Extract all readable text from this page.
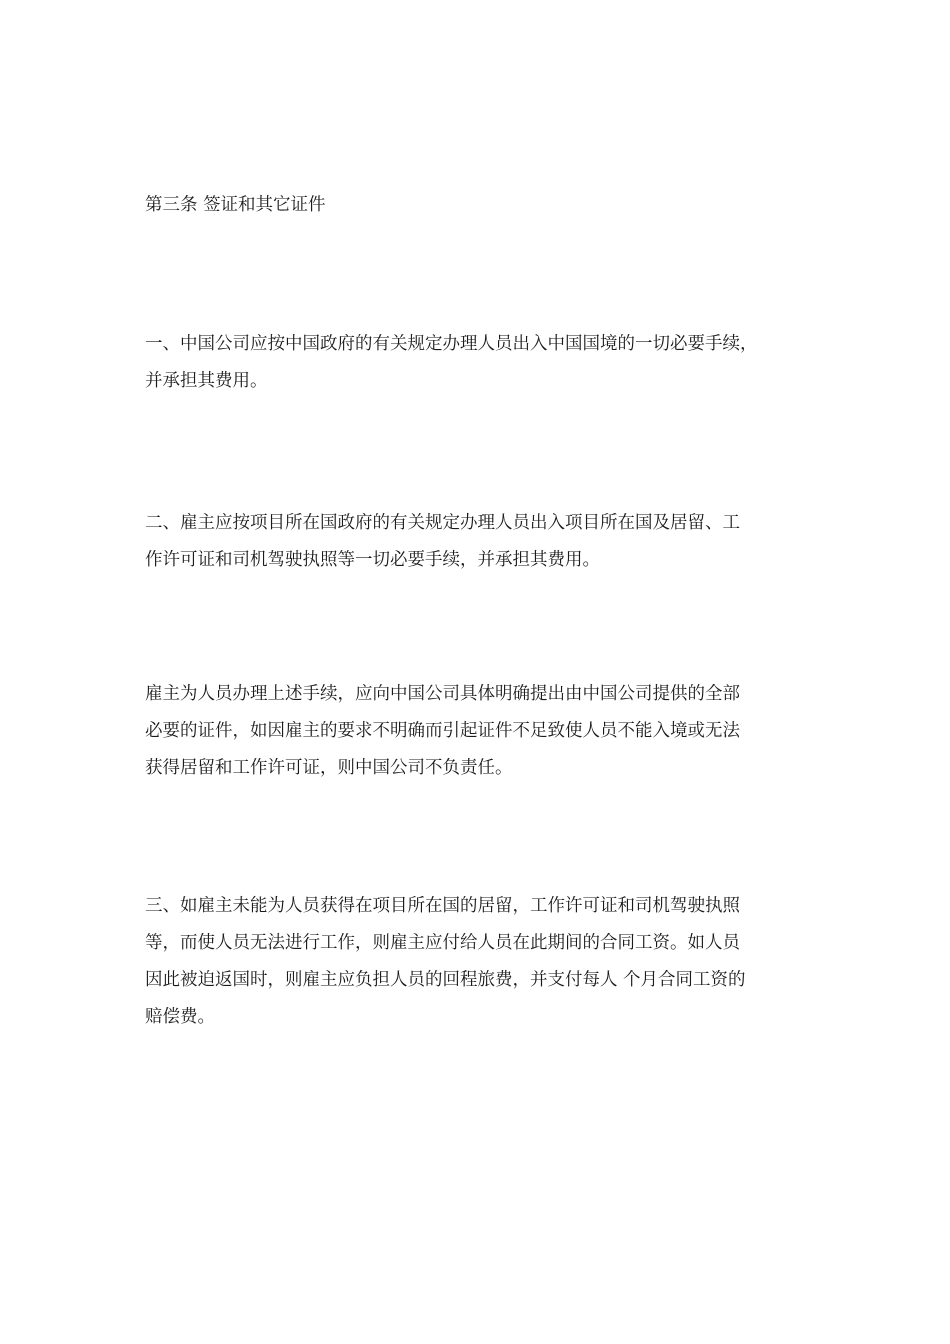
第三条 签证和其它证件
一、中国公司应按中国政府的有关规定办理人员出入中国国境的一切必要手续，
并承担其费用。
二、雇主应按项目所在国政府的有关规定办理人员出入项目所在国及居留、工
作许可证和司机驾驶执照等一切必要手续，并承担其费用。
雇主为人员办理上述手续，应向中国公司具体明确提出由中国公司提供的全部
必要的证件，如因雇主的要求不明确而引起证件不足致使人员不能入境或无法
获得居留和工作许可证，则中国公司不负责任。
三、如雇主未能为人员获得在项目所在国的居留，工作许可证和司机驾驶执照
等，而使人员无法进行工作，则雇主应付给人员在此期间的合同工资。如人员
因此被迫返国时，则雇主应负担人员的回程旅费，并支付每人 个月合同工资的
赔偿费。
